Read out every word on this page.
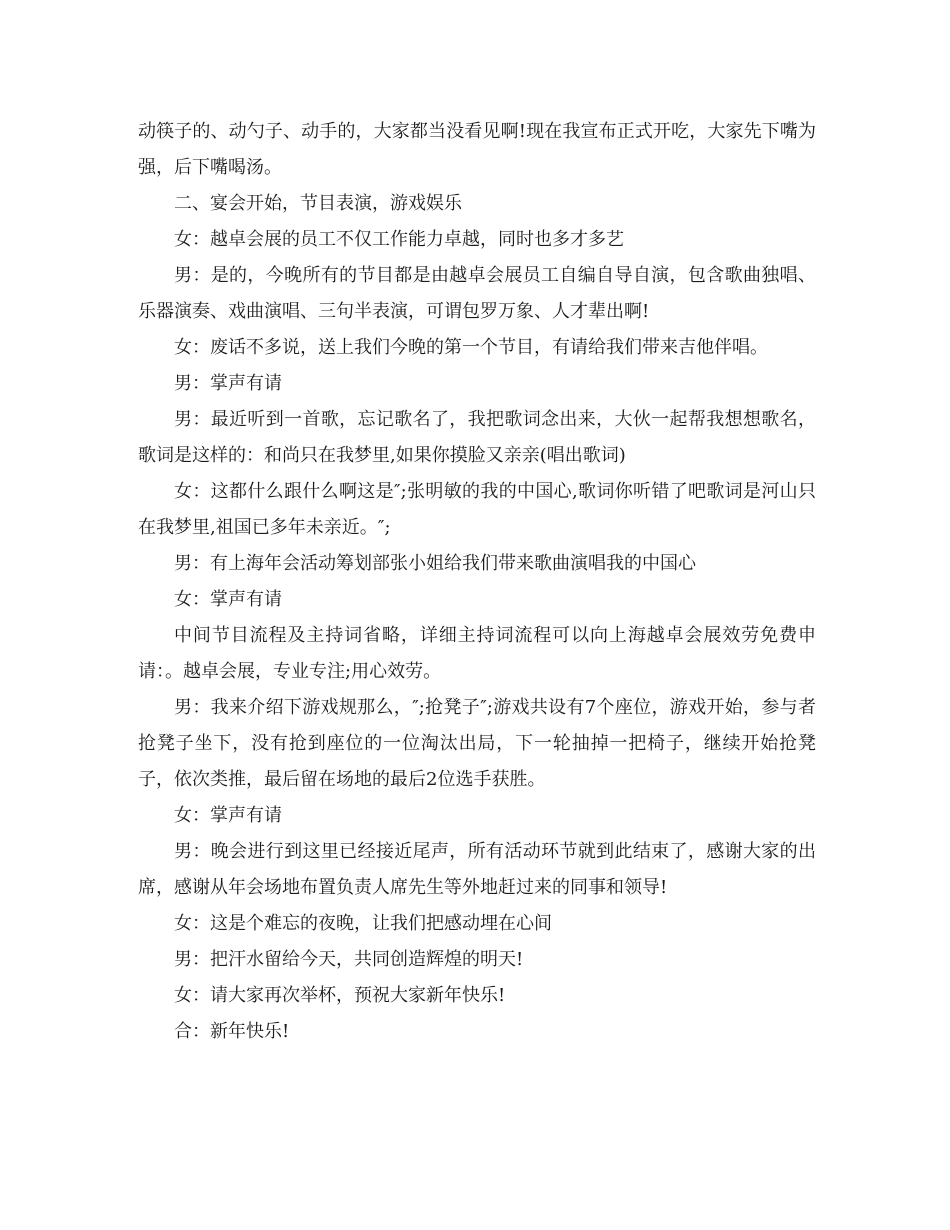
动筷子的、动勺子、动手的，大家都当没看见啊!现在我宣布正式开吃，大家先下嘴为强，后下嘴喝汤。

二、宴会开始，节目表演，游戏娱乐

女：越卓会展的员工不仅工作能力卓越，同时也多才多艺

男：是的，今晚所有的节目都是由越卓会展员工自编自导自演，包含歌曲独唱、乐器演奏、戏曲演唱、三句半表演，可谓包罗万象、人才辈出啊!

女：废话不多说，送上我们今晚的第一个节目，有请给我们带来吉他伴唱。

男：掌声有请

男：最近听到一首歌，忘记歌名了，我把歌词念出来，大伙一起帮我想想歌名，歌词是这样的：和尚只在我梦里,如果你摸脸又亲亲(唱出歌词)

女：这都什么跟什么啊这是″;张明敏的我的中国心,歌词你听错了吧歌词是河山只在我梦里,祖国已多年未亲近。″;

男：有上海年会活动筹划部张小姐给我们带来歌曲演唱我的中国心

女：掌声有请

中间节目流程及主持词省略，详细主持词流程可以向上海越卓会展效劳免费申请：。越卓会展，专业专注;用心效劳。

男：我来介绍下游戏规那么，″;抢凳子″;游戏共设有7个座位，游戏开始，参与者抢凳子坐下，没有抢到座位的一位淘汰出局，下一轮抽掉一把椅子，继续开始抢凳子，依次类推，最后留在场地的最后2位选手获胜。

女：掌声有请

男：晚会进行到这里已经接近尾声，所有活动环节就到此结束了，感谢大家的出席，感谢从年会场地布置负责人席先生等外地赶过来的同事和领导!

女：这是个难忘的夜晚，让我们把感动埋在心间

男：把汗水留给今天，共同创造辉煌的明天!

女：请大家再次举杯，预祝大家新年快乐!

合：新年快乐!
